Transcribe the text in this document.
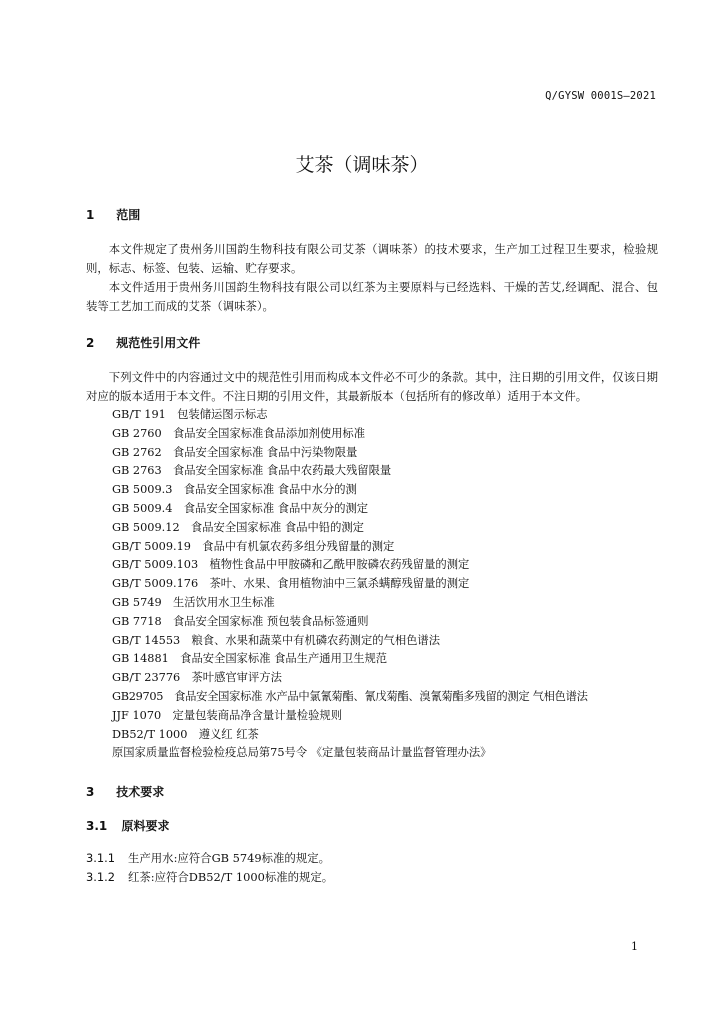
Q/GYSW 0001S—2021
艾茶（调味茶）
1 范围

本文件规定了贵州务川国韵生物科技有限公司艾茶（调味茶）的技术要求，生产加工过程卫生要求，检验规则，标志、标签、包装、运输、贮存要求。

本文件适用于贵州务川国韵生物科技有限公司以红茶为主要原料与已经选料、干燥的苦艾,经调配、混合、包装等工艺加工而成的艾茶（调味茶）。

2 规范性引用文件

下列文件中的内容通过文中的规范性引用而构成本文件必不可少的条款。其中，注日期的引用文件，仅该日期对应的版本适用于本文件。不注日期的引用文件，其最新版本（包括所有的修改单）适用于本文件。

GB/T 191　包装储运图示标志
GB 2760　食品安全国家标准食品添加剂使用标准
GB 2762　食品安全国家标准 食品中污染物限量
GB 2763　食品安全国家标准 食品中农药最大残留限量
GB 5009.3　食品安全国家标准 食品中水分的测
GB 5009.4　食品安全国家标准 食品中灰分的测定
GB 5009.12　食品安全国家标准 食品中铅的测定
GB/T 5009.19　食品中有机氯农药多组分残留量的测定
GB/T 5009.103　植物性食品中甲胺磷和乙酰甲胺磷农药残留量的测定
GB/T 5009.176　茶叶、水果、食用植物油中三氯杀螨醇残留量的测定
GB 5749　生活饮用水卫生标准
GB 7718　食品安全国家标准 预包装食品标签通则
GB/T 14553　粮食、水果和蔬菜中有机磷农药测定的气相色谱法
GB 14881　食品安全国家标准 食品生产通用卫生规范
GB/T 23776　茶叶感官审评方法
GB29705　食品安全国家标准 水产品中氯氰菊酯、氰戊菊酯、溴氰菊酯多残留的测定 气相色谱法
JJF 1070　定量包装商品净含量计量检验规则
DB52/T 1000　遵义红 红茶
原国家质量监督检验检疫总局第75号令 《定量包装商品计量监督管理办法》
3 技术要求
3.1 原料要求
3.1.1 生产用水:应符合GB 5749标准的规定。
3.1.2 红茶:应符合DB52/T 1000标准的规定。
1
